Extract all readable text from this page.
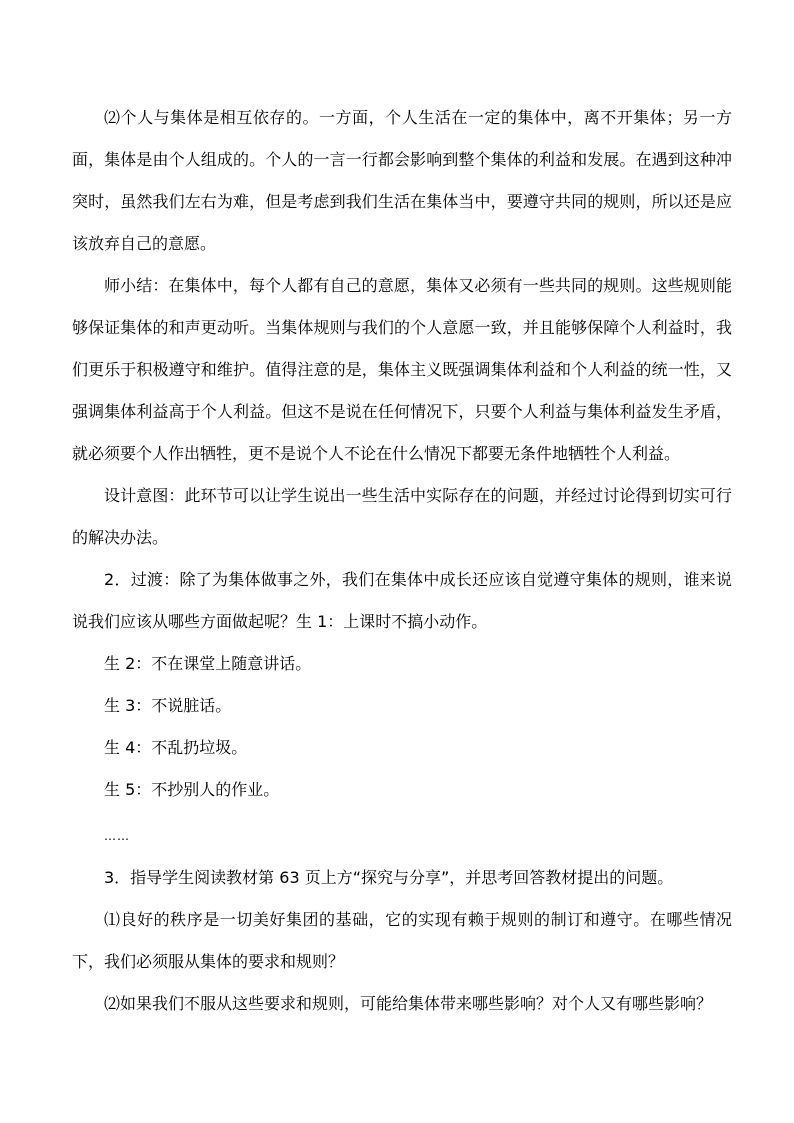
⑵个人与集体是相互依存的。一方面，个人生活在一定的集体中，离不开集体；另一方面，集体是由个人组成的。个人的一言一行都会影响到整个集体的利益和发展。在遇到这种冲突时，虽然我们左右为难，但是考虑到我们生活在集体当中，要遵守共同的规则，所以还是应该放弃自己的意愿。

师小结：在集体中，每个人都有自己的意愿，集体又必须有一些共同的规则。这些规则能够保证集体的和声更动听。当集体规则与我们的个人意愿一致，并且能够保障个人利益时，我们更乐于积极遵守和维护。值得注意的是，集体主义既强调集体利益和个人利益的统一性，又强调集体利益高于个人利益。但这不是说在任何情况下，只要个人利益与集体利益发生矛盾，就必须要个人作出牺牲，更不是说个人不论在什么情况下都要无条件地牺牲个人利益。

设计意图：此环节可以让学生说出一些生活中实际存在的问题，并经过讨论得到切实可行的解决办法。

2．过渡：除了为集体做事之外，我们在集体中成长还应该自觉遵守集体的规则，谁来说说我们应该从哪些方面做起呢？生 1：上课时不搞小动作。

生 2：不在课堂上随意讲话。

生 3：不说脏话。

生 4：不乱扔垃圾。

生 5：不抄别人的作业。

……

3．指导学生阅读教材第 63 页上方“探究与分享”，并思考回答教材提出的问题。

⑴良好的秩序是一切美好集团的基础，它的实现有赖于规则的制订和遵守。在哪些情况下，我们必须服从集体的要求和规则？

⑵如果我们不服从这些要求和规则，可能给集体带来哪些影响？对个人又有哪些影响？
